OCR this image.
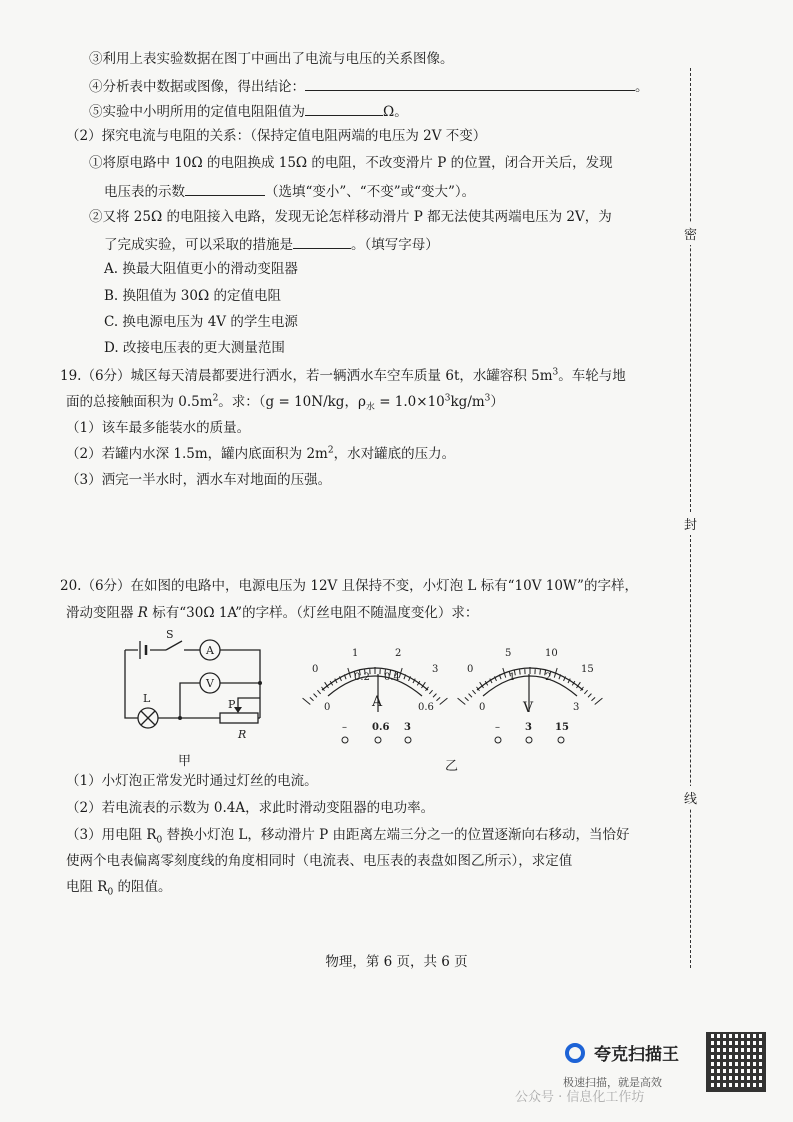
③利用上表实验数据在图丁中画出了电流与电压的关系图像。
④分析表中数据或图像，得出结论：	。
⑤实验中小明所用的定值电阻阻值为	Ω。
（2）探究电流与电阻的关系：（保持定值电阻两端的电压为 2V 不变）
①将原电路中 10Ω 的电阻换成 15Ω 的电阻，不改变滑片 P 的位置，闭合开关后，发现
电压表的示数	（选填“变小”、“不变”或“变大”）。
②又将 25Ω 的电阻接入电路，发现无论怎样移动滑片 P 都无法使其两端电压为 2V，为
了完成实验，可以采取的措施是	。（填写字母）
A. 换最大阻值更小的滑动变阻器
B. 换阻值为 30Ω 的定值电阻
C. 换电源电压为 4V 的学生电源
D. 改接电压表的更大测量范围
19.（6分）城区每天清晨都要进行洒水，若一辆洒水车空车质量 6t，水罐容积 $5m^3$。车轮与地
面的总接触面积为 $0.5m^2$。求：（g = 10N/kg，$\rho_水 = 1.0\times 10^3kg/m^3$）
（1）该车最多能装水的质量。
（2）若罐内水深 1.5m，罐内底面积为 $2m^2$，水对罐底的压力。
（3）洒完一半水时，洒水车对地面的压强。
20.（6分）在如图的电路中，电源电压为 12V 且保持不变，小灯泡 L 标有“10V 10W”的字样，
滑动变阻器 R 标有“30Ω 1A”的字样。（灯丝电阻不随温度变化）求：
S
A
V
L	P
R
甲
0
1	2
3
0
0.2 0.4
0.6
A
–	0.6 3
0
5	10
15
0
1	2
3
V
–	3 15
乙
（1）小灯泡正常发光时通过灯丝的电流。
（2）若电流表的示数为 0.4A，求此时滑动变阻器的电功率。
（3）用电阻 $R_0$ 替换小灯泡 L，移动滑片 P 由距离左端三分之一的位置逐渐向右移动，当恰好
使两个电表偏离零刻度线的角度相同时（电流表、电压表的表盘如图乙所示），求定值
电阻 $R_0$ 的阻值。
密
封
线
物理，第 6 页，共 6 页
夸克扫描王
极速扫描，就是高效
公众号 · 信息化工作坊
